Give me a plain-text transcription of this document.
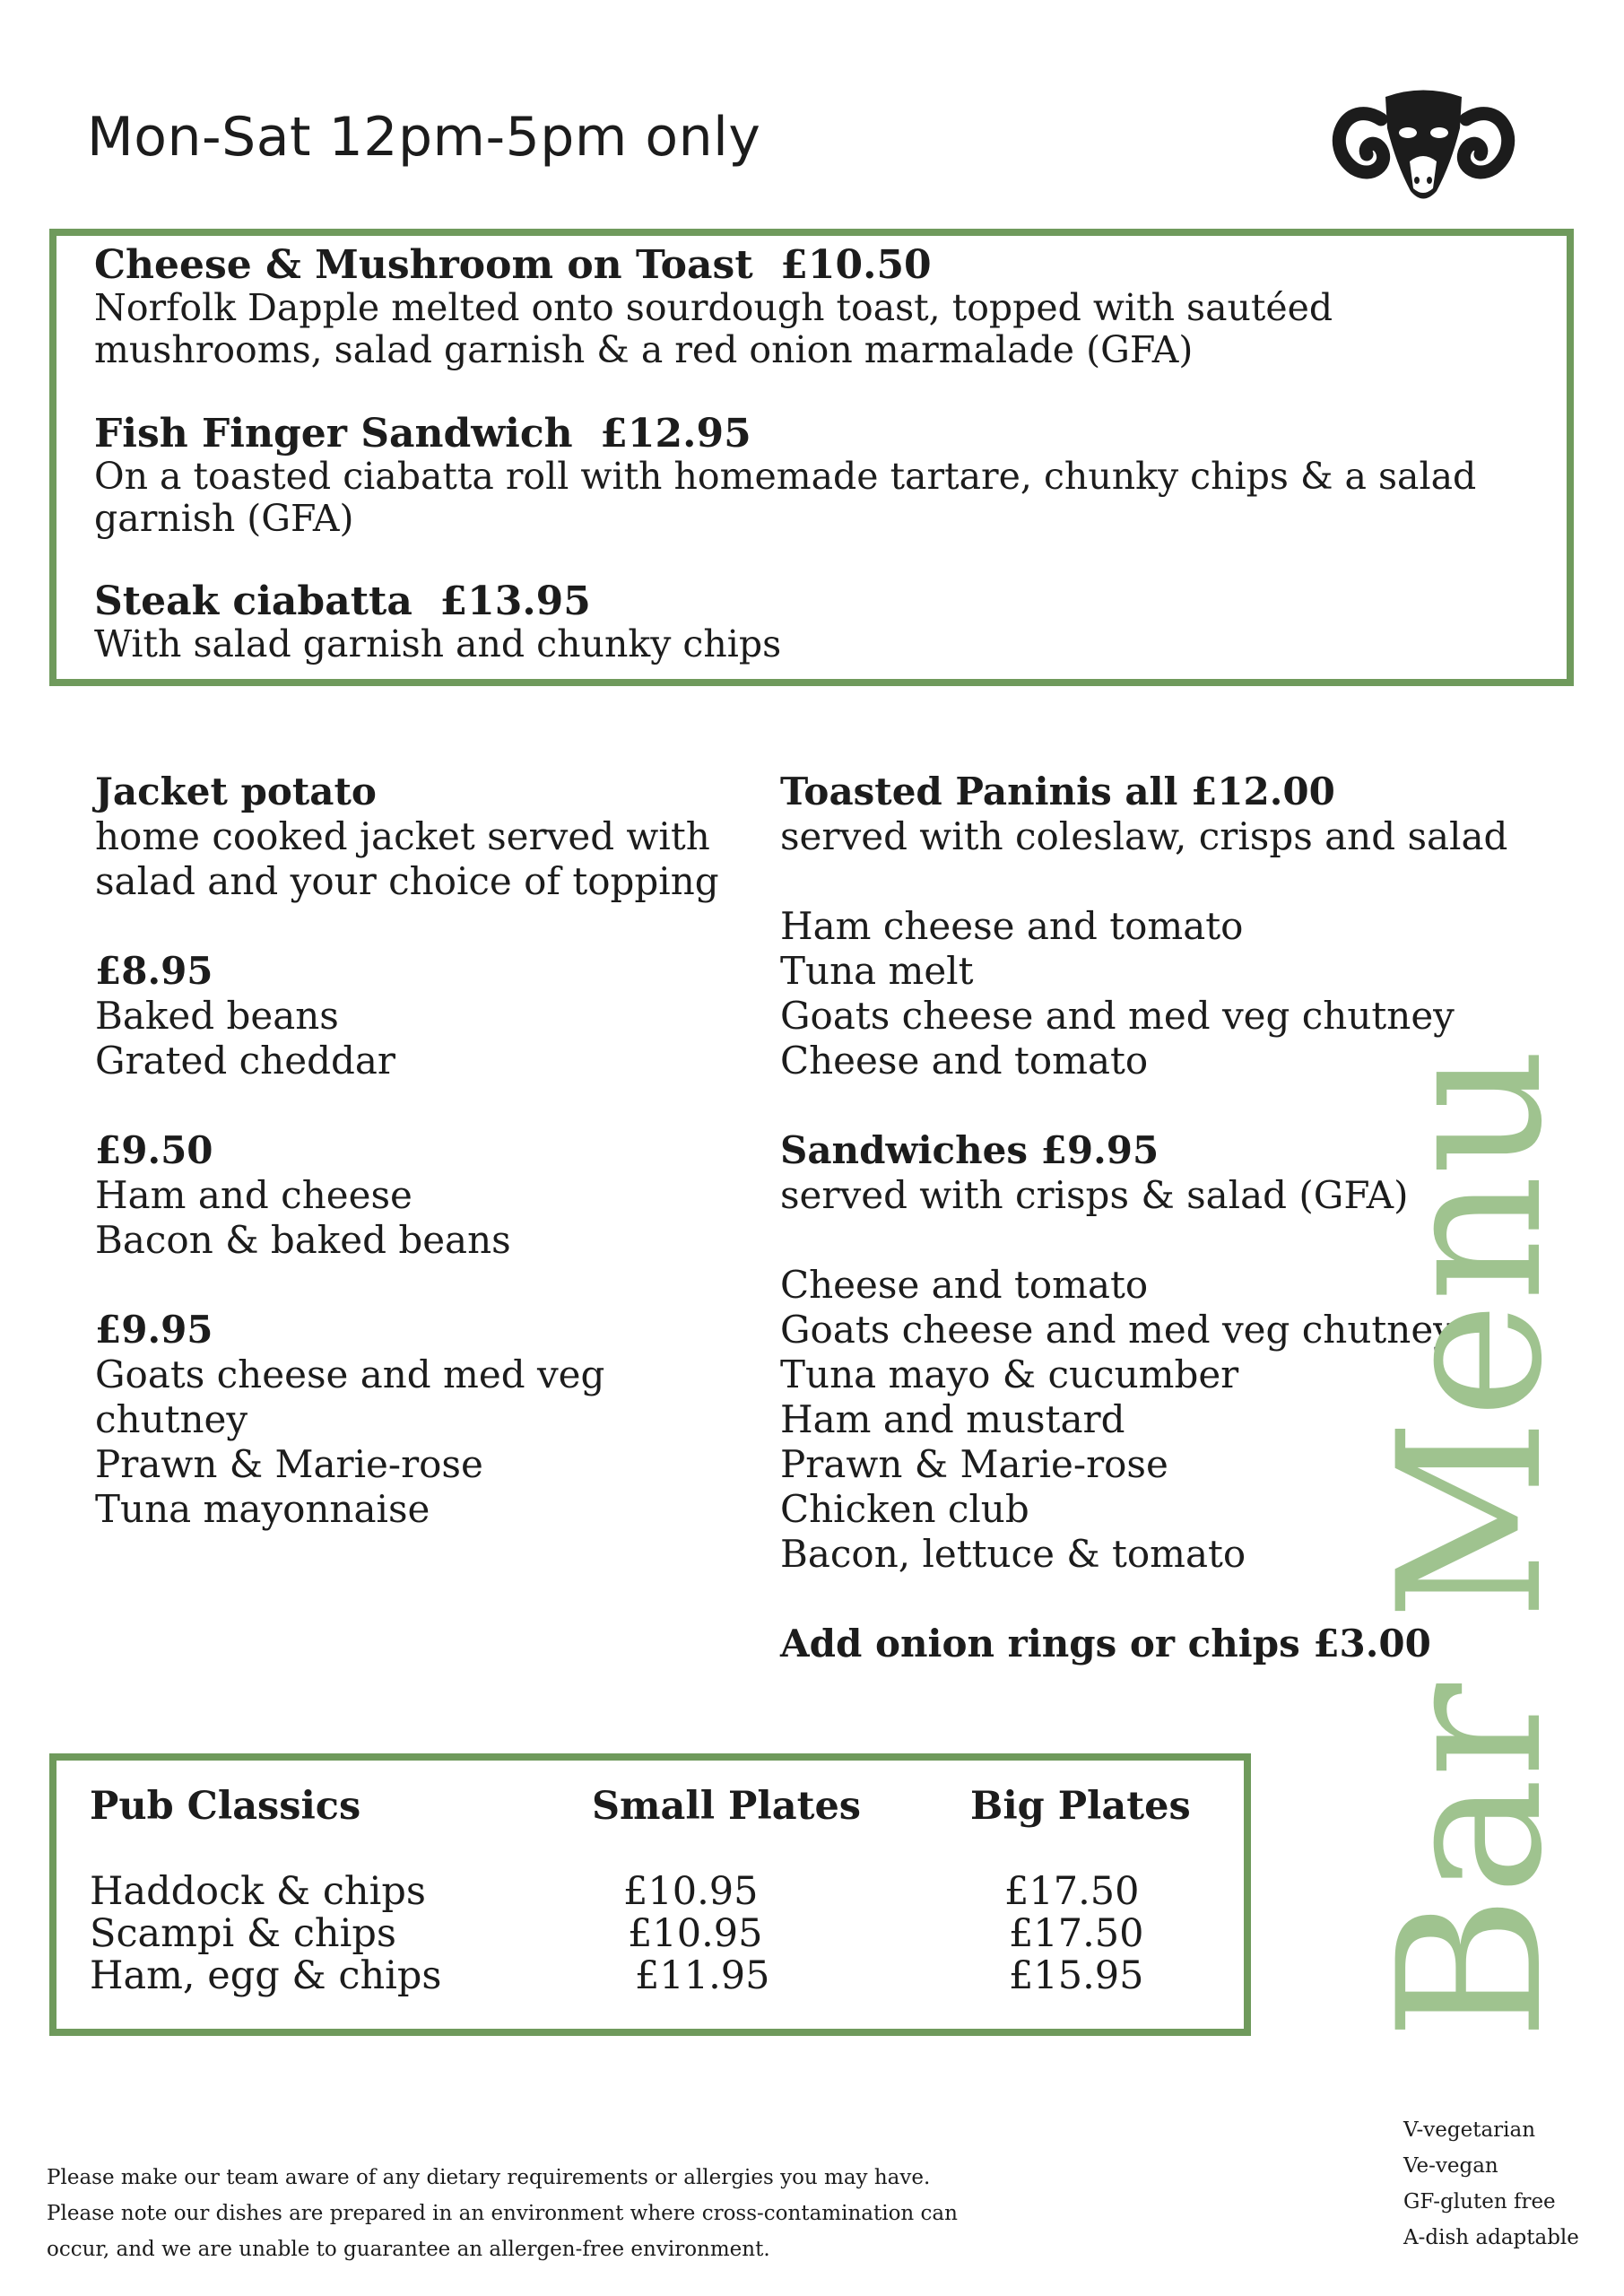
Mon-Sat 12pm-5pm only
Cheese & Mushroom on Toast £10.50
Norfolk Dapple melted onto sourdough toast, topped with sautéed mushrooms, salad garnish & a red onion marmalade (GFA)
Fish Finger Sandwich £12.95
On a toasted ciabatta roll with homemade tartare, chunky chips & a salad garnish (GFA)
Steak ciabatta £13.95
With salad garnish and chunky chips
Jacket potato
home cooked jacket served with
salad and your choice of topping
£8.95
Baked beans
Grated cheddar
£9.50
Ham and cheese
Bacon & baked beans
£9.95
Goats cheese and med veg
chutney
Prawn & Marie-rose
Tuna mayonnaise
Toasted Paninis all £12.00
served with coleslaw, crisps and salad
Ham cheese and tomato
Tuna melt
Goats cheese and med veg chutney
Cheese and tomato
Sandwiches £9.95
served with crisps & salad (GFA)
Cheese and tomato
Goats cheese and med veg chutney
Tuna mayo & cucumber
Ham and mustard
Prawn & Marie-rose
Chicken club
Bacon, lettuce & tomato
Add onion rings or chips £3.00
Pub Classics	Small Plates	Big Plates
Haddock & chips	£10.95	£17.50
Scampi & chips	£10.95	£17.50
Ham, egg & chips	£11.95	£15.95 Bar Menu
Please make our team aware of any dietary requirements or allergies you may have.
Please note our dishes are prepared in an environment where cross-contamination can
occur, and we are unable to guarantee an allergen-free environment.
V-vegetarian
Ve-vegan
GF-gluten free
A-dish adaptable
